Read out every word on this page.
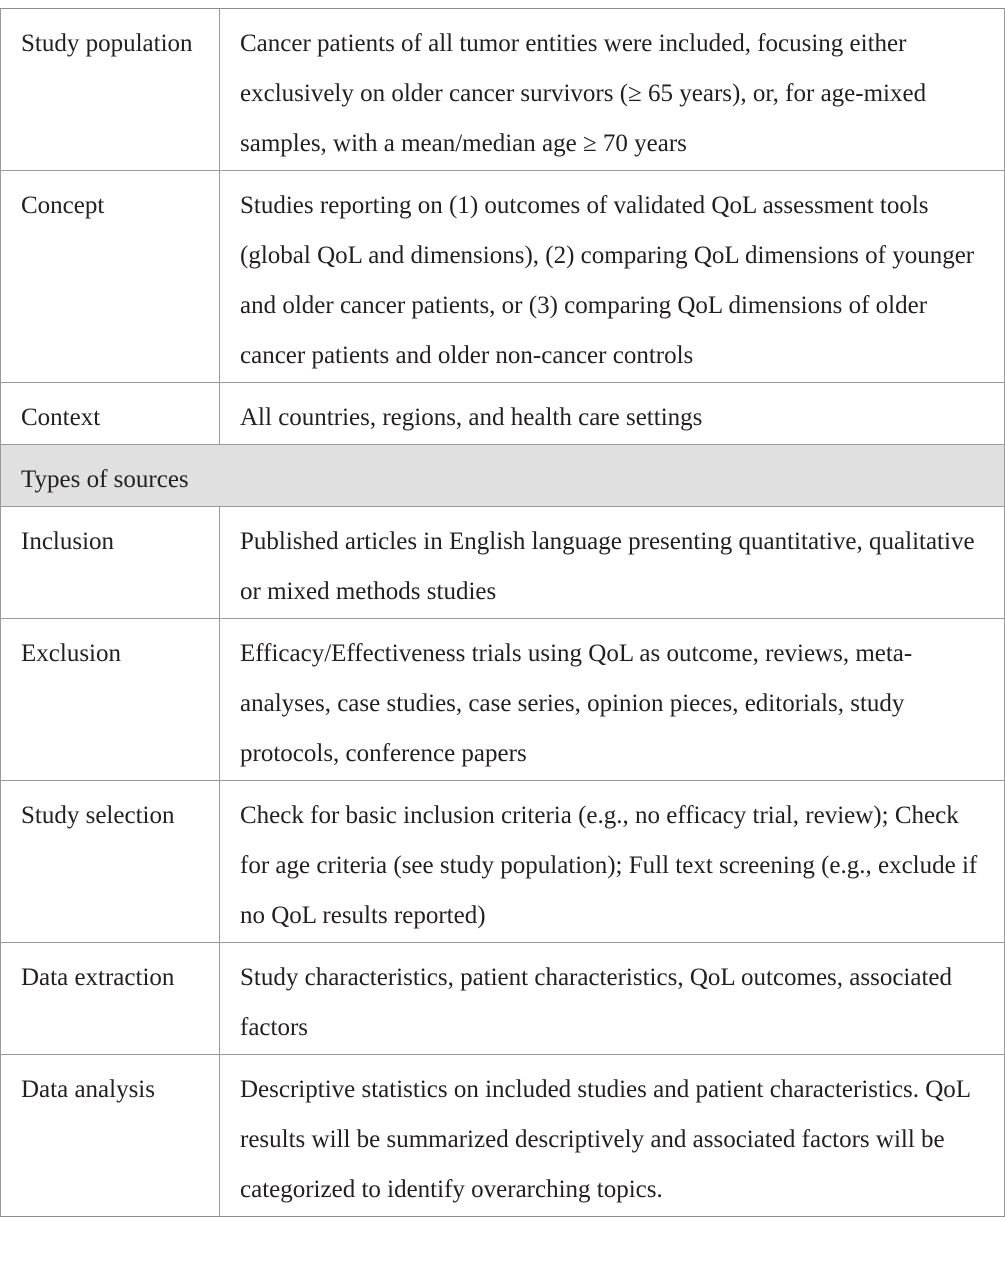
Study population	Cancer patients of all tumor entities were included, focusing either exclusively on older cancer survivors (≥ 65 years), or, for age-mixed samples, with a mean/median age ≥ 70 years
Concept	Studies reporting on (1) outcomes of validated QoL assessment tools (global QoL and dimensions), (2) comparing QoL dimensions of younger and older cancer patients, or (3) comparing QoL dimensions of older cancer patients and older non-cancer controls
Context	All countries, regions, and health care settings
Types of sources	
Inclusion	Published articles in English language presenting quantitative, qualitative or mixed methods studies
Exclusion	Efficacy/Effectiveness trials using QoL as outcome, reviews, meta-analyses, case studies, case series, opinion pieces, editorials, study protocols, conference papers
Study selection	Check for basic inclusion criteria (e.g., no efficacy trial, review); Check for age criteria (see study population); Full text screening (e.g., exclude if no QoL results reported)
Data extraction	Study characteristics, patient characteristics, QoL outcomes, associated factors
Data analysis	Descriptive statistics on included studies and patient characteristics. QoL results will be summarized descriptively and associated factors will be categorized to identify overarching topics.
